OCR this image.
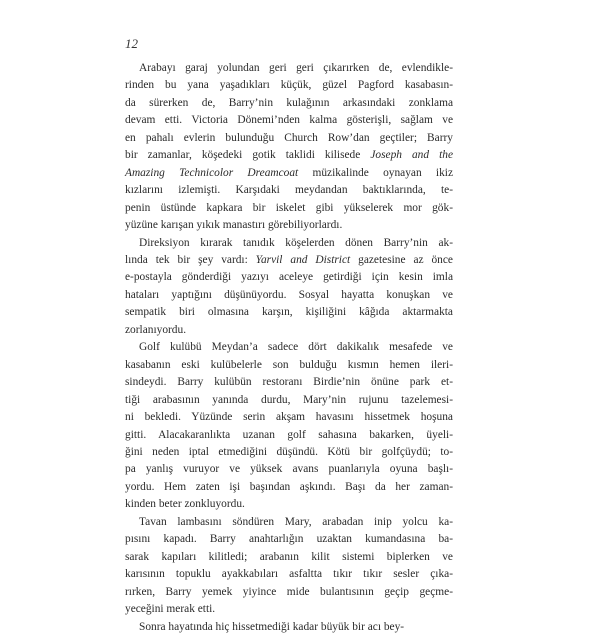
12
Arabayı garaj yolundan geri geri çıkarırken de, evlendikle-
rinden bu yana yaşadıkları küçük, güzel Pagford kasabasın-
da sürerken de, Barry’nin kulağının arkasındaki zonklama
devam etti. Victoria Dönemi’nden kalma gösterişli, sağlam ve
en pahalı evlerin bulunduğu Church Row’dan geçtiler; Barry
bir zamanlar, köşedeki gotik taklidi kilisede Joseph and the
Amazing Technicolor Dreamcoat müzikalinde oynayan ikiz
kızlarını izlemişti. Karşıdaki meydandan baktıklarında, te-
penin üstünde kapkara bir iskelet gibi yükselerek mor gök-
yüzüne karışan yıkık manastırı görebiliyorlardı.
Direksiyon kırarak tanıdık köşelerden dönen Barry’nin ak-
lında tek bir şey vardı: Yarvil and District gazetesine az önce
e-postayla gönderdiği yazıyı aceleye getirdiği için kesin imla
hataları yaptığını düşünüyordu. Sosyal hayatta konuşkan ve
sempatik biri olmasına karşın, kişiliğini kâğıda aktarmakta
zorlanıyordu.
Golf kulübü Meydan’a sadece dört dakikalık mesafede ve
kasabanın eski kulübelerle son bulduğu kısmın hemen ileri-
sindeydi. Barry kulübün restoranı Birdie’nin önüne park et-
tiği arabasının yanında durdu, Mary’nin rujunu tazelemesi-
ni bekledi. Yüzünde serin akşam havasını hissetmek hoşuna
gitti. Alacakaranlıkta uzanan golf sahasına bakarken, üyeli-
ğini neden iptal etmediğini düşündü. Kötü bir golfçüydü; to-
pa yanlış vuruyor ve yüksek avans puanlarıyla oyuna başlı-
yordu. Hem zaten işi başından aşkındı. Başı da her zaman-
kinden beter zonkluyordu.
Tavan lambasını söndüren Mary, arabadan inip yolcu ka-
pısını kapadı. Barry anahtarlığın uzaktan kumandasına ba-
sarak kapıları kilitledi; arabanın kilit sistemi biplerken ve
karısının topuklu ayakkabıları asfaltta tıkır tıkır sesler çıka-
rırken, Barry yemek yiyince mide bulantısının geçip geçme-
yeceğini merak etti.
Sonra hayatında hiç hissetmediği kadar büyük bir acı bey-
